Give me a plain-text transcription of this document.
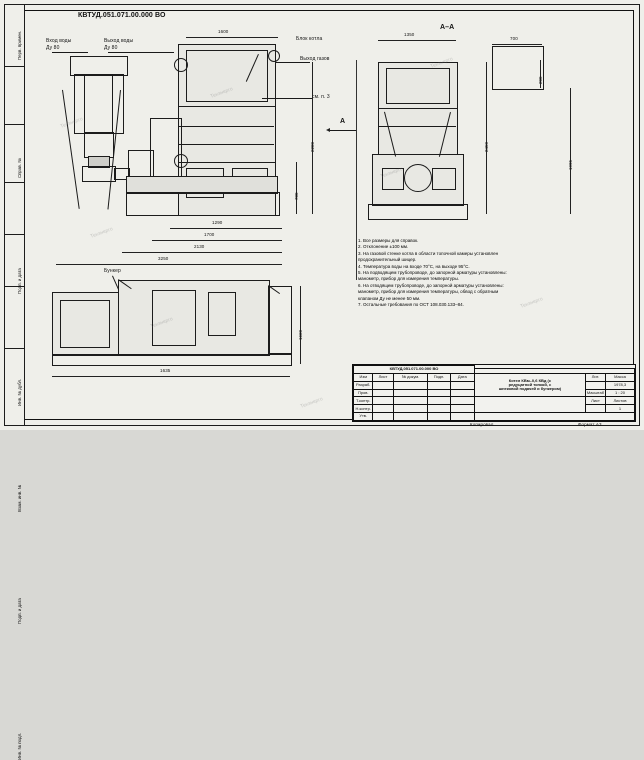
Перв. примен.
Справ. №
Подп. и дата
Инв. № дубл.
Взам. инв. №
Подп. и дата
Инв. № подл.
КВТУД.051.071.00.000 ВО
Вход воды
Ду 80
Выход воды
Ду 80
Блок котла
Выход газов
см. п. 3
А
1600
1290
1700
2130
3250
780
2280
А–А
1350
700
200
2450
1995
Бункер
1660
1635
1. Все размеры для справок.
2. Отклонение ±100 мм.
3. На газовой стенке котла в области топочной камеры установлен
продохранительный шицер.
4. Температура воды на входе 70°С, на выходе 95°С.
5. На подводящем трубопроводе, до запорной арматуры установлены:
манометр, прибор для измерения температуры.
6. На отводящем трубопроводе, до запорной арматуры установлены:
манометр, прибор для измерения температуры, обвод с обратным
клапаном Ду не менее 50 мм.
7. Остальные требования по ОСТ 108.030.133–84.
КВТУД.051.071.00.000 ВО							

Изм	Лист	№ докум.	Подп.	Дата	Котел КВм–0,6 КВд (с
редуцатной топкой, с
шнековой подачей и бункером)	Лит.	Масса
Разраб.							1978,3
Пров.						Масштаб	1 : 20
Т.контр.						Лист	Листов
Н.контр.							1
Утв.							
Копировал	Формат А3
Техэнерго
Техэнерго
Техэнерго
Техэнерго
Техэнерго
Техэнерго
Техэнерго
Техэнерго
